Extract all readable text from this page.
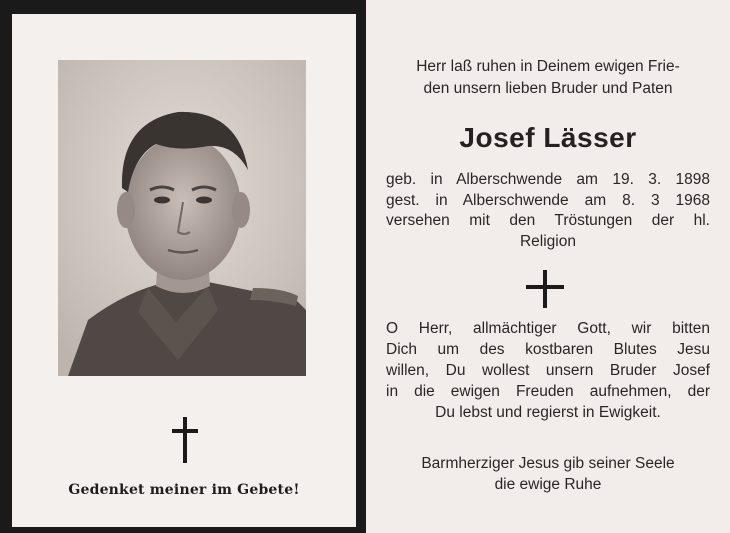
Gedenket meiner im Gebete!
Herr laß ruhen in Deinem ewigen Frie-
den unsern lieben Bruder und Paten
Josef Lässer
geb. in Alberschwende am 19. 3. 1898
gest. in Alberschwende am 8. 3 1968
versehen mit den Tröstungen der hl.
Religion
O Herr, allmächtiger Gott, wir bitten
Dich um des kostbaren Blutes Jesu
willen, Du wollest unsern Bruder Josef
in die ewigen Freuden aufnehmen, der
Du lebst und regierst in Ewigkeit.
Barmherziger Jesus gib seiner Seele
die ewige Ruhe
